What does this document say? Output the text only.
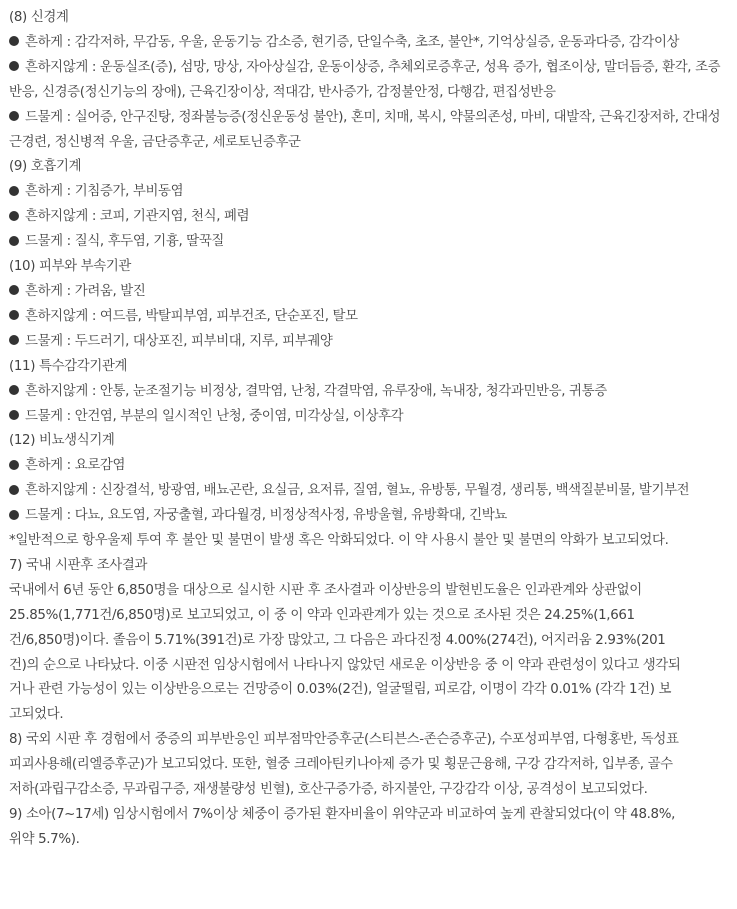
(8) 신경계
흔하게 : 감각저하, 무감동, 우울, 운동기능 감소증, 현기증, 단일수축, 초조, 불안*, 기억상실증, 운동과다증, 감각이상
흔하지않게 : 운동실조(증), 섬망, 망상, 자아상실감, 운동이상증, 추체외로증후군, 성욕 증가, 협조이상, 말더듬증, 환각, 조증반응, 신경증(정신기능의 장애), 근육긴장이상, 적대감, 반사증가, 감정불안정, 다행감, 편집성반응
드물게 : 실어증, 안구진탕, 정좌불능증(정신운동성 불안), 혼미, 치매, 복시, 약물의존성, 마비, 대발작, 근육긴장저하, 간대성근경련, 정신병적 우울, 금단증후군, 세로토닌증후군
(9) 호흡기계
흔하게 : 기침증가, 부비동염
흔하지않게 : 코피, 기관지염, 천식, 폐렴
드물게 : 질식, 후두염, 기흉, 딸꾹질
(10) 피부와 부속기관
흔하게 : 가려움, 발진
흔하지않게 : 여드름, 박탈피부염, 피부건조, 단순포진, 탈모
드물게 : 두드러기, 대상포진, 피부비대, 지루, 피부궤양
(11) 특수감각기관계
흔하지않게 : 안통, 눈조절기능 비정상, 결막염, 난청, 각결막염, 유루장애, 녹내장, 청각과민반응, 귀통증
드물게 : 안건염, 부분의 일시적인 난청, 중이염, 미각상실, 이상후각
(12) 비뇨생식기계
흔하게 : 요로감염
흔하지않게 : 신장결석, 방광염, 배뇨곤란, 요실금, 요저류, 질염, 혈뇨, 유방통, 무월경, 생리통, 백색질분비물, 발기부전
드물게 : 다뇨, 요도염, 자궁출혈, 과다월경, 비정상적사정, 유방울혈, 유방확대, 긴박뇨
*일반적으로 항우울제 투여 후 불안 및 불면이 발생 혹은 악화되었다. 이 약 사용시 불안 및 불면의 악화가 보고되었다.
7) 국내 시판후 조사결과
국내에서 6년 동안 6,850명을 대상으로 실시한 시판 후 조사결과 이상반응의 발현빈도율은 인과관계와 상관없이
25.85%(1,771건/6,850명)로 보고되었고, 이 중 이 약과 인과관계가 있는 것으로 조사된 것은 24.25%(1,661
건/6,850명)이다. 졸음이 5.71%(391건)로 가장 많았고, 그 다음은 과다진정 4.00%(274건), 어지러움 2.93%(201
건)의 순으로 나타났다. 이중 시판전 임상시험에서 나타나지 않았던 새로운 이상반응 중 이 약과 관련성이 있다고 생각되
거나 관련 가능성이 있는 이상반응으로는 건망증이 0.03%(2건), 얼굴떨림, 피로감, 이명이 각각 0.01% (각각 1건) 보
고되었다.
8) 국외 시판 후 경험에서 중증의 피부반응인 피부점막안증후군(스티븐스-존슨증후군), 수포성피부염, 다형홍반, 독성표
피괴사용해(리엘증후군)가 보고되었다. 또한, 혈중 크레아틴키나아제 증가 및 횡문근융해, 구강 감각저하, 입부종, 골수
저하(과립구감소증, 무과립구증, 재생불량성 빈혈), 호산구증가증, 하지불안, 구강감각 이상, 공격성이 보고되었다.
9) 소아(7~17세) 임상시험에서 7%이상 체중이 증가된 환자비율이 위약군과 비교하여 높게 관찰되었다(이 약 48.8%,
위약 5.7%).
